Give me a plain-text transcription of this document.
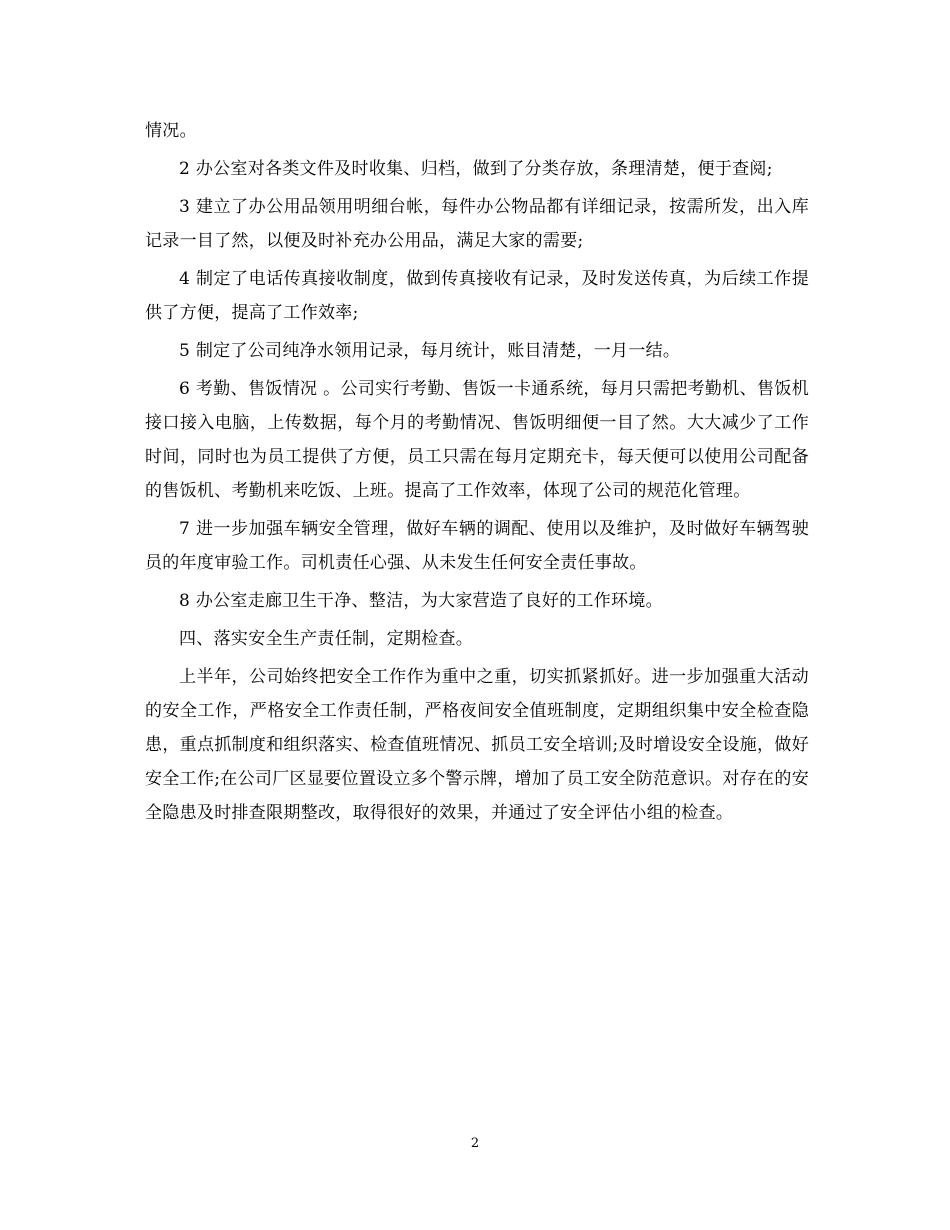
情况。

2 办公室对各类文件及时收集、归档，做到了分类存放，条理清楚，便于查阅;

3 建立了办公用品领用明细台帐，每件办公物品都有详细记录，按需所发，出入库记录一目了然，以便及时补充办公用品，满足大家的需要;

4 制定了电话传真接收制度，做到传真接收有记录，及时发送传真，为后续工作提供了方便，提高了工作效率;

5 制定了公司纯净水领用记录，每月统计，账目清楚，一月一结。

6 考勤、售饭情况 。公司实行考勤、售饭一卡通系统，每月只需把考勤机、售饭机接口接入电脑，上传数据，每个月的考勤情况、售饭明细便一目了然。大大减少了工作时间，同时也为员工提供了方便，员工只需在每月定期充卡，每天便可以使用公司配备的售饭机、考勤机来吃饭、上班。提高了工作效率，体现了公司的规范化管理。

7 进一步加强车辆安全管理，做好车辆的调配、使用以及维护，及时做好车辆驾驶员的年度审验工作。司机责任心强、从未发生任何安全责任事故。

8 办公室走廊卫生干净、整洁，为大家营造了良好的工作环境。

四、落实安全生产责任制，定期检查。

上半年，公司始终把安全工作作为重中之重，切实抓紧抓好。进一步加强重大活动的安全工作，严格安全工作责任制，严格夜间安全值班制度，定期组织集中安全检查隐患，重点抓制度和组织落实、检查值班情况、抓员工安全培训;及时增设安全设施，做好安全工作;在公司厂区显要位置设立多个警示牌，增加了员工安全防范意识。对存在的安全隐患及时排查限期整改，取得很好的效果，并通过了安全评估小组的检查。

2
